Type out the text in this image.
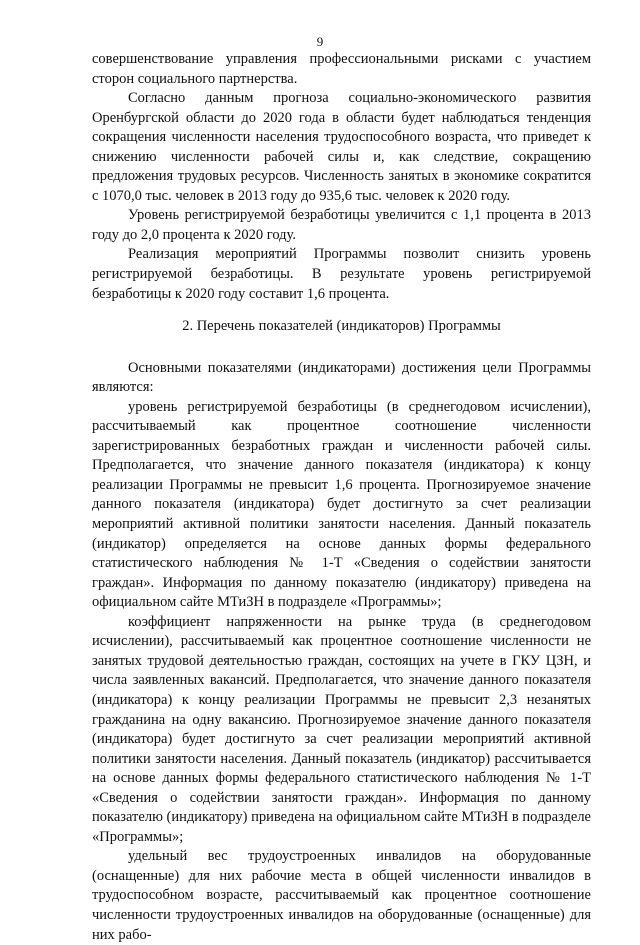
9

совершенствование управления профессиональными рисками с участием сторон социального партнерства.

Согласно данным прогноза социально-экономического развития Оренбургской области до 2020 года в области будет наблюдаться тенденция сокращения численности населения трудоспособного возраста, что приведет к снижению численности рабочей силы и, как следствие, сокращению предложения трудовых ресурсов. Численность занятых в экономике сократится с 1070,0 тыс. человек в 2013 году до 935,6 тыс. человек к 2020 году.

Уровень регистрируемой безработицы увеличится с 1,1 процента в 2013 году до 2,0 процента к 2020 году.

Реализация мероприятий Программы позволит снизить уровень регистрируемой безработицы. В результате уровень регистрируемой безработицы к 2020 году составит 1,6 процента.

2. Перечень показателей (индикаторов) Программы

Основными показателями (индикаторами) достижения цели Программы являются:

уровень регистрируемой безработицы (в среднегодовом исчислении), рассчитываемый как процентное соотношение численности зарегистрированных безработных граждан и численности рабочей силы. Предполагается, что значение данного показателя (индикатора) к концу реализации Программы не превысит 1,6 процента. Прогнозируемое значение данного показателя (индикатора) будет достигнуто за счет реализации мероприятий активной политики занятости населения. Данный показатель (индикатор) определяется на основе данных формы федерального статистического наблюдения № 1-Т «Сведения о содействии занятости граждан». Информация по данному показателю (индикатору) приведена на официальном сайте МТиЗН в подразделе «Программы»;

коэффициент напряженности на рынке труда (в среднегодовом исчислении), рассчитываемый как процентное соотношение численности не занятых трудовой деятельностью граждан, состоящих на учете в ГКУ ЦЗН, и числа заявленных вакансий. Предполагается, что значение данного показателя (индикатора) к концу реализации Программы не превысит 2,3 незанятых гражданина на одну вакансию. Прогнозируемое значение данного показателя (индикатора) будет достигнуто за счет реализации мероприятий активной политики занятости населения. Данный показатель (индикатор) рассчитывается на основе данных формы федерального статистического наблюдения № 1-Т «Сведения о содействии занятости граждан». Информация по данному показателю (индикатору) приведена на официальном сайте МТиЗН в подразделе «Программы»;

удельный вес трудоустроенных инвалидов на оборудованные (оснащенные) для них рабочие места в общей численности инвалидов в трудоспособном возрасте, рассчитываемый как процентное соотношение численности трудоустроенных инвалидов на оборудованные (оснащенные) для них рабо-
